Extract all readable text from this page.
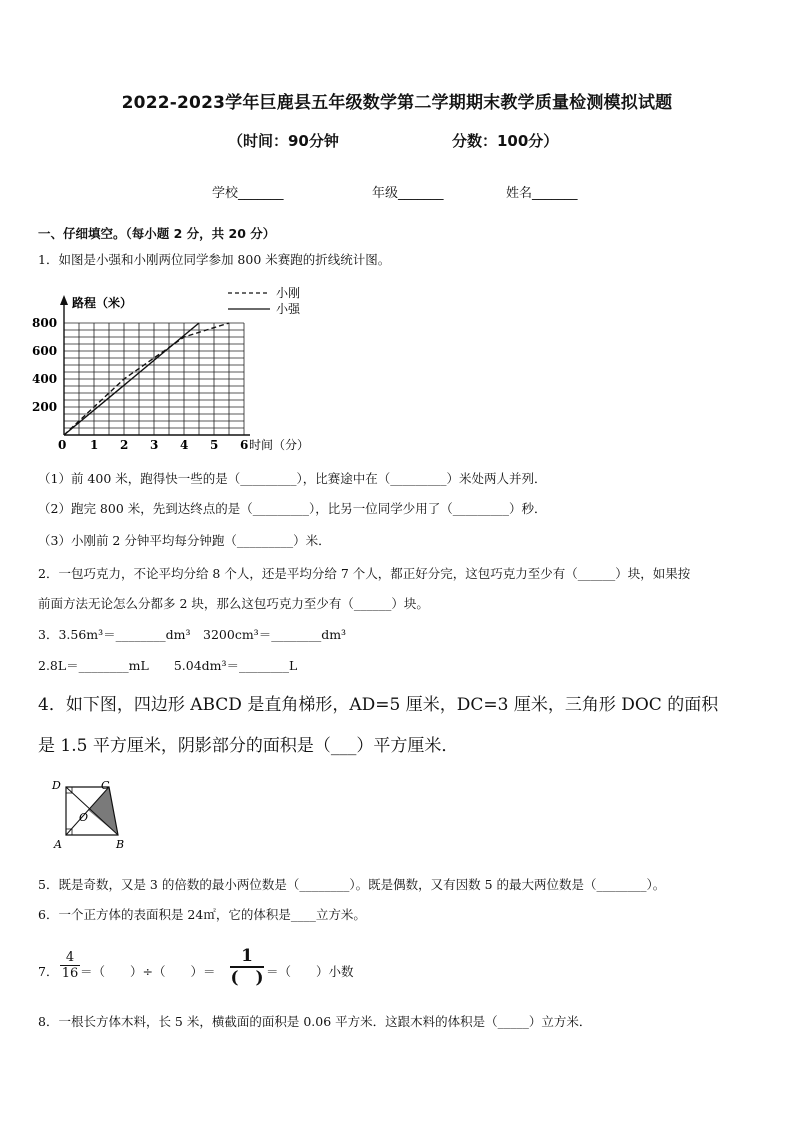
2022-2023学年巨鹿县五年级数学第二学期期末教学质量检测模拟试题
（时间：90分钟	分数：100分）
学校_______	年级_______	姓名_______
一、仔细填空。（每小题 2 分，共 20 分）
1．如图是小强和小刚两位同学参加 800 米赛跑的折线统计图。
0 1 2 3 4 5 6
200
400
600
800
路程（米）
时间（分）
小刚
小强
（1）前 400 米，跑得快一些的是（_________），比赛途中在（_________）米处两人并列．
（2）跑完 800 米，先到达终点的是（_________），比另一位同学少用了（_________）秒．
（3）小刚前 2 分钟平均每分钟跑（_________）米．
2．一包巧克力，不论平均分给 8 个人，还是平均分给 7 个人，都正好分完，这包巧克力至少有（______）块，如果按
前面方法无论怎么分都多 2 块，那么这包巧克力至少有（______）块。
3．3.56m³＝________dm³　3200cm³＝________dm³
2.8L＝________mL　　5.04dm³＝________L
4．如下图，四边形 ABCD 是直角梯形，AD=5 厘米，DC=3 厘米，三角形 DOC 的面积
是 1.5 平方厘米，阴影部分的面积是（___）平方厘米．
D	C
O
A	B
5．既是奇数，又是 3 的倍数的最小两位数是（________）。既是偶数，又有因数 5 的最大两位数是（________）。
6．一个正方体的表面积是 24㎡，它的体积是____立方米。
7． $\frac{4}{16}$ ＝（　　）÷（　　）＝
1
(　) ＝（　　）小数
8．一根长方体木料，长 5 米，横截面的面积是 0.06 平方米．这跟木料的体积是（_____）立方米．
